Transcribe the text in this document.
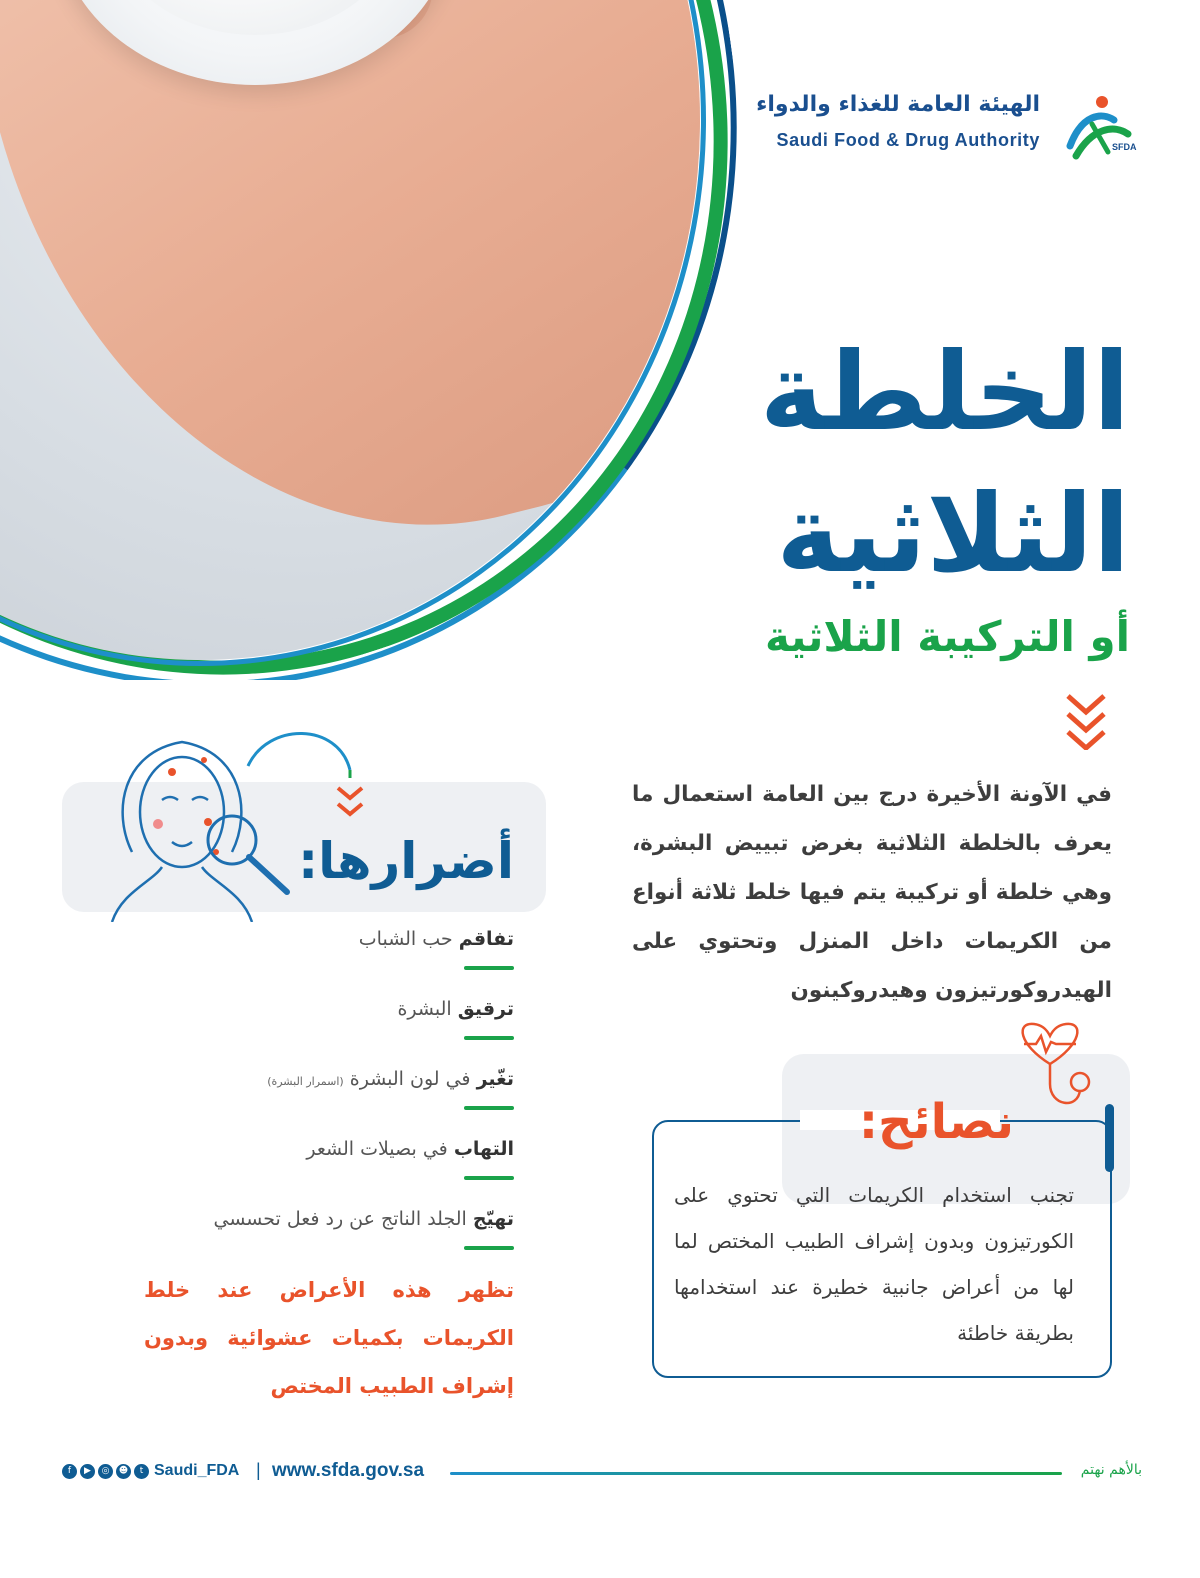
الهيئة العامة للغذاء والدواء
Saudi Food & Drug Authority	SFDA
الخلطة
الثلاثية
أو التركيبة الثلاثية
في الآونة الأخيرة درج بين العامة استعمال ما يعرف بالخلطة الثلاثية بغرض تبييض البشرة، وهي خلطة أو تركيبة يتم فيها خلط ثلاثة أنواع من الكريمات داخل المنزل وتحتوي على الهيدروكورتيزون وهيدروكينون
أضرارها:
تفاقم حب الشباب
ترقيق البشرة
تغّير في لون البشرة (اسمرار البشرة)
التهاب في بصيلات الشعر
تهيّج الجلد الناتج عن رد فعل تحسسي
تظهر هذه الأعراض عند خلط الكريمات بكميات عشوائية وبدون إشراف الطبيب المختص
نصائح:
تجنب استخدام الكريمات التي تحتوي على الكورتيزون وبدون إشراف الطبيب المختص لما لها من أعراض جانبية خطيرة عند استخدامها بطريقة خاطئة
f	▶	◎	☻	t Saudi_FDA | www.sfda.gov.sa	بالأهم نهتم
